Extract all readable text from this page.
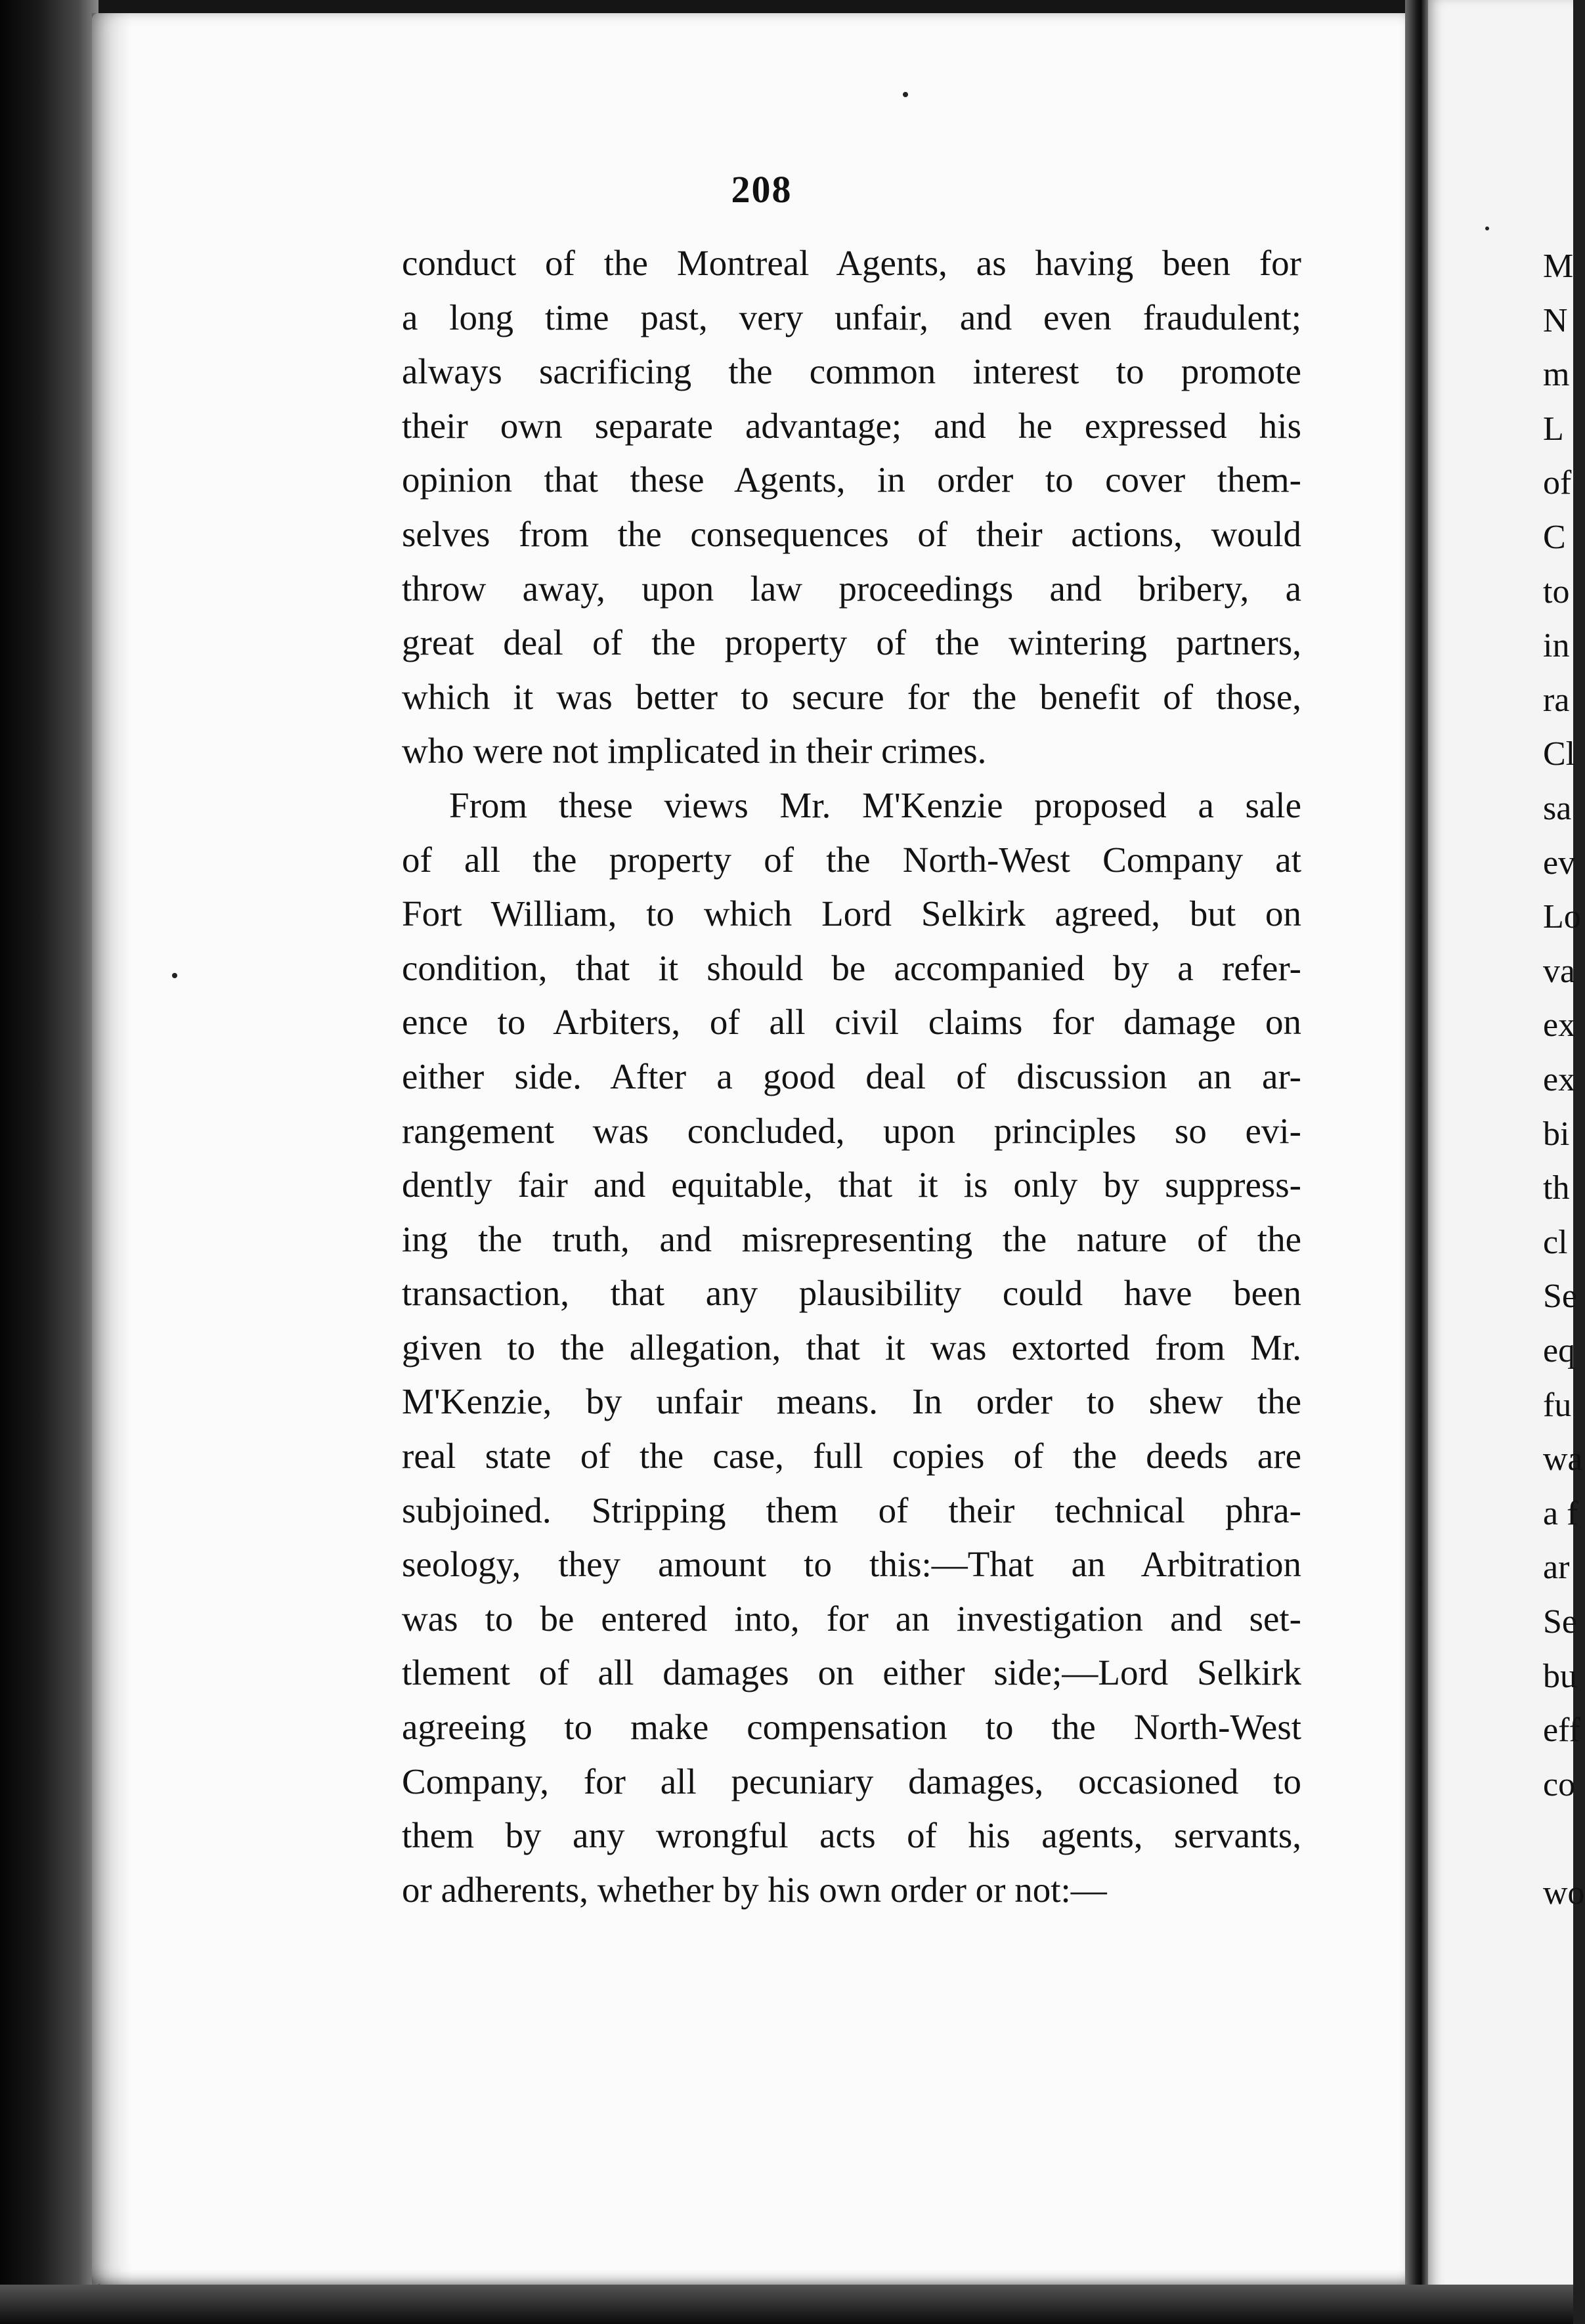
208
conduct of the Montreal Agents, as having been for
a long time past, very unfair, and even fraudulent;
always sacrificing the common interest to promote
their own separate advantage; and he expressed his
opinion that these Agents, in order to cover them-
selves from the consequences of their actions, would
throw away, upon law proceedings and bribery, a
great deal of the property of the wintering partners,
which it was better to secure for the benefit of those,
who were not implicated in their crimes.
From these views Mr. M'Kenzie proposed a sale
of all the property of the North-West Company at
Fort William, to which Lord Selkirk agreed, but on
condition, that it should be accompanied by a refer-
ence to Arbiters, of all civil claims for damage on
either side. After a good deal of discussion an ar-
rangement was concluded, upon principles so evi-
dently fair and equitable, that it is only by suppress-
ing the truth, and misrepresenting the nature of the
transaction, that any plausibility could have been
given to the allegation, that it was extorted from Mr.
M'Kenzie, by unfair means. In order to shew the
real state of the case, full copies of the deeds are
subjoined. Stripping them of their technical phra-
seology, they amount to this:—That an Arbitration
was to be entered into, for an investigation and set-
tlement of all damages on either side;—Lord Selkirk
agreeing to make compensation to the North-West
Company, for all pecuniary damages, occasioned to
them by any wrongful acts of his agents, servants,
or adherents, whether by his own order or not:—
M
N
m
L
of
C
to
in
ra
Cl
sa
ev
Lo
va
ex
ex
bi
th
cl
Se
eq
fu
wa
a f
ar
Se
bu
eff
co
wo
